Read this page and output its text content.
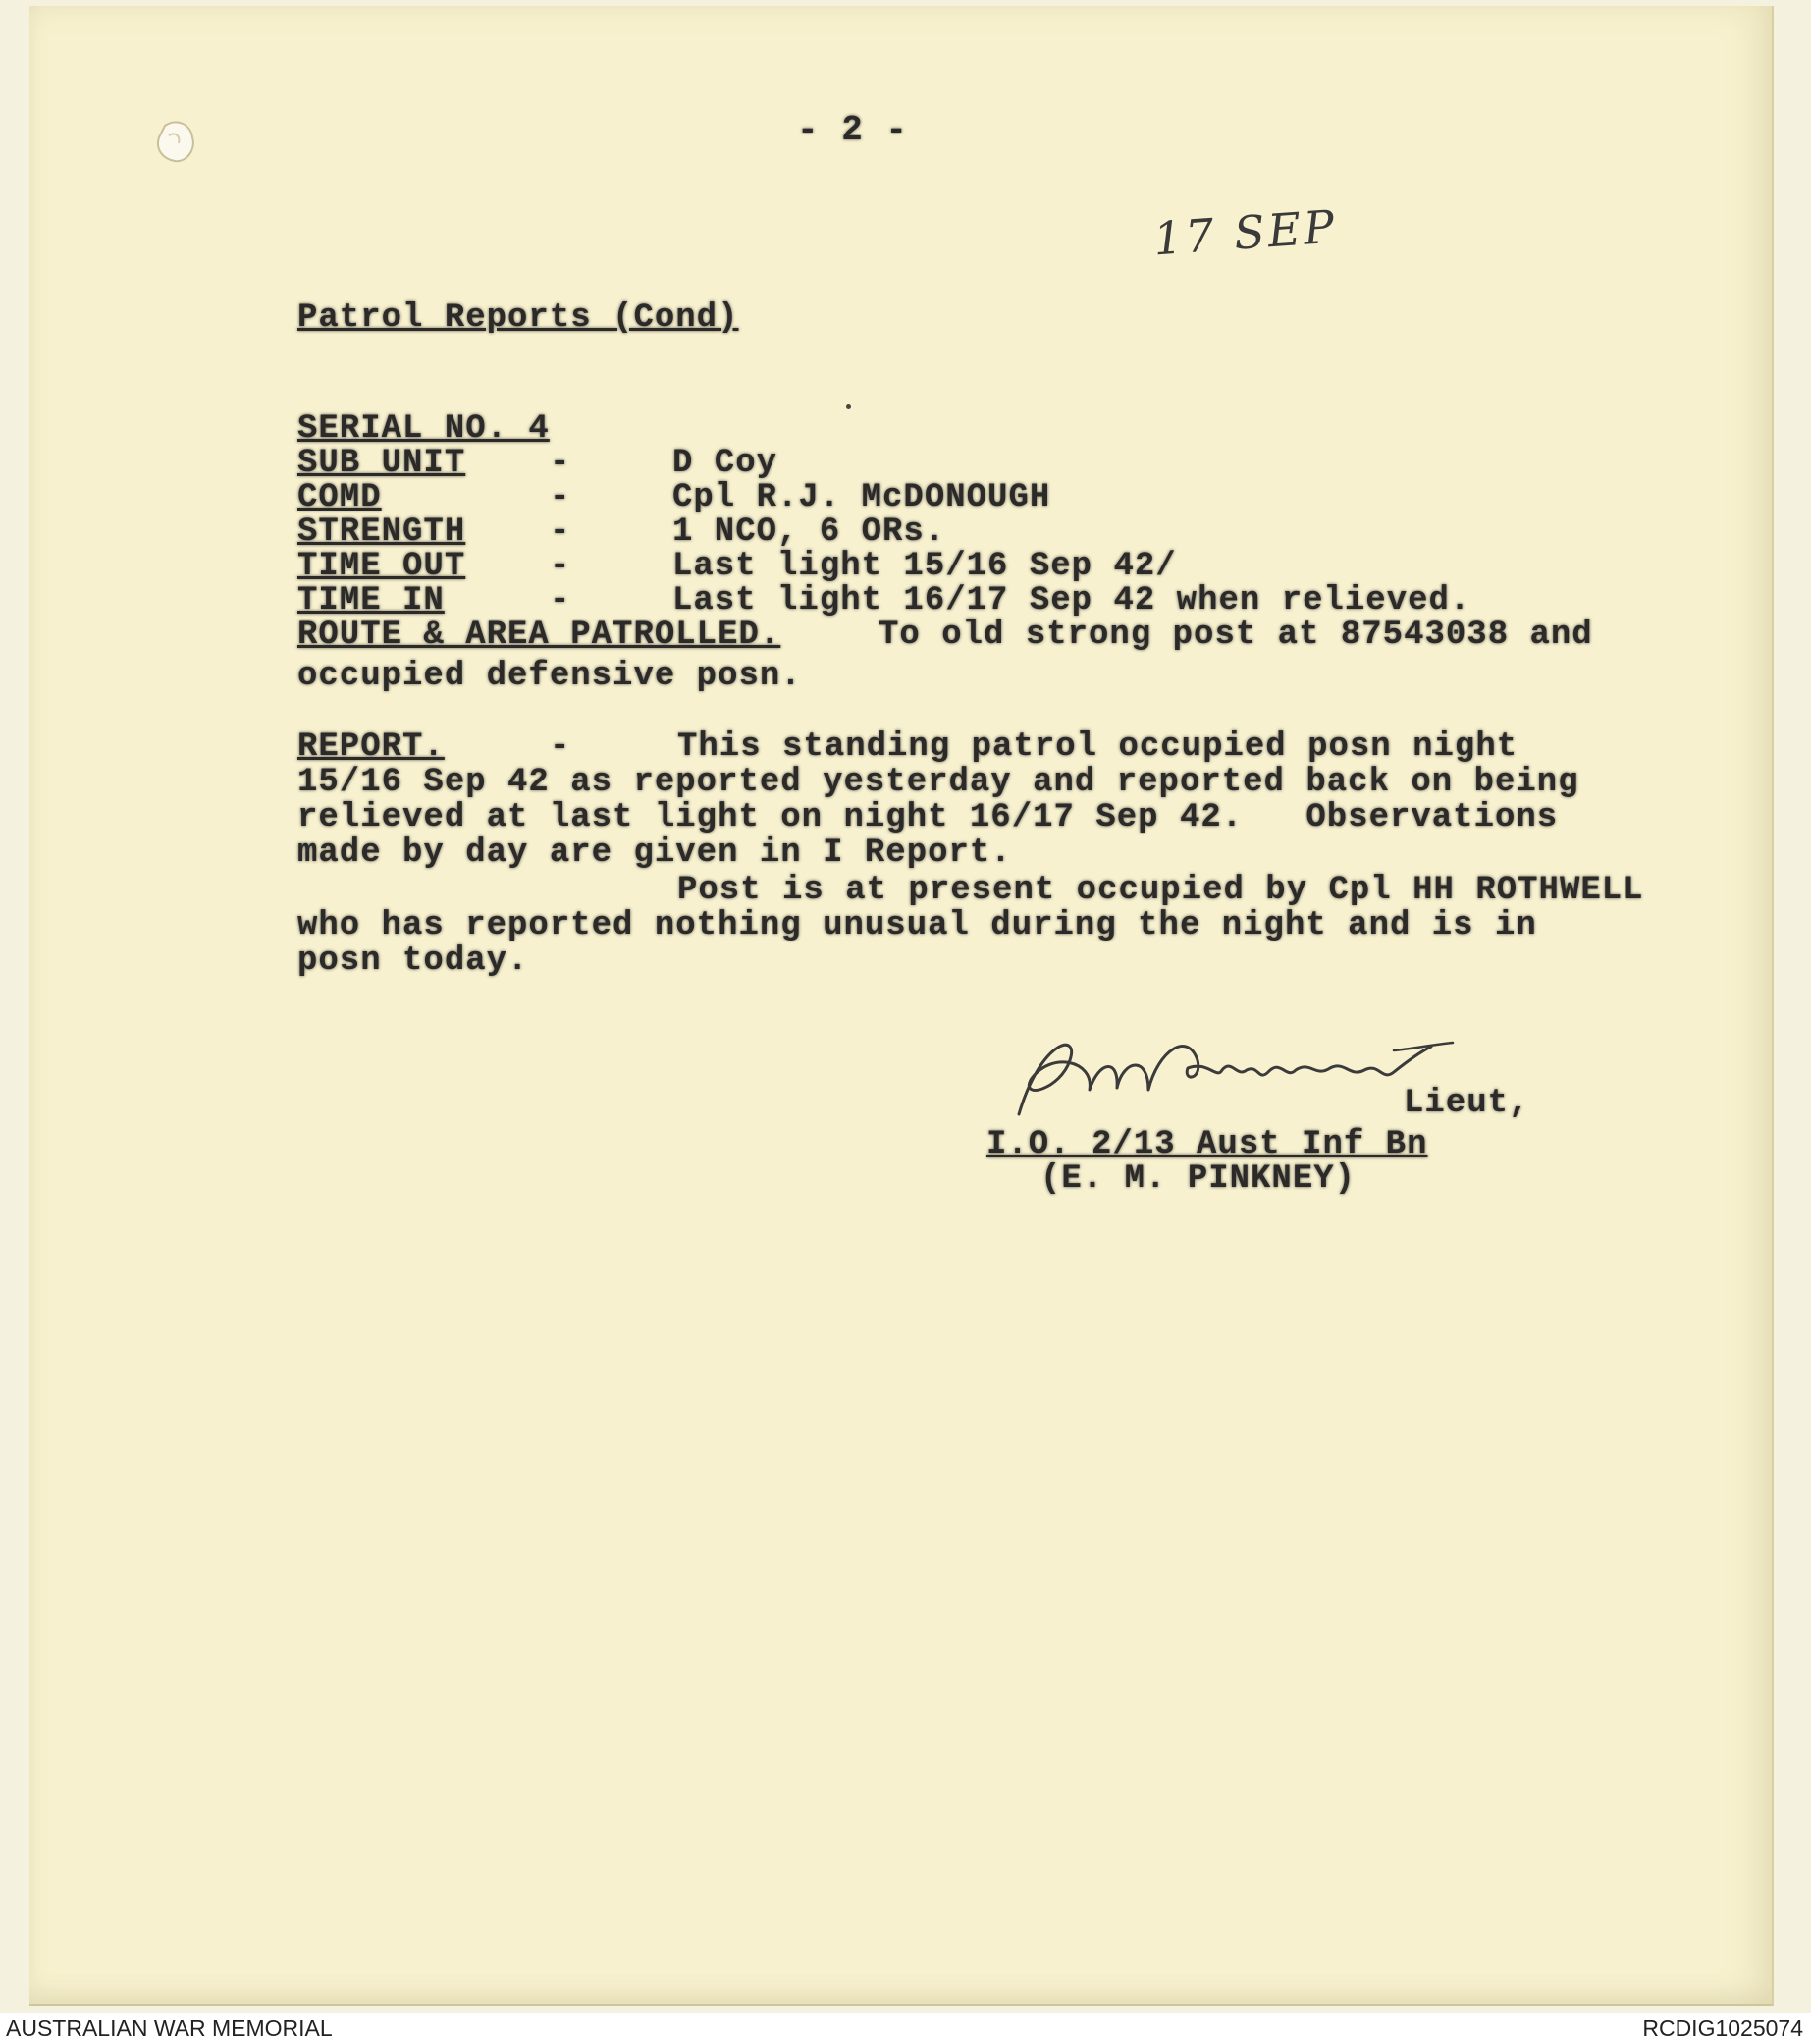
- 2 -

17 SEP

Patrol Reports (Cond)

SERIAL NO. 4

SUB UNIT	-	D Coy

COMD	-	Cpl R.J. McDONOUGH

STRENGTH	-	1 NCO, 6 ORs.

TIME OUT	-	Last light 15/16 Sep 42/

TIME IN	-	Last light 16/17 Sep 42 when relieved.

ROUTE & AREA PATROLLED.	To old strong post at 87543038 and

occupied defensive posn.

REPORT.	-	This standing patrol occupied posn night

15/16 Sep 42 as reported yesterday and reported back on being

relieved at last light on night 16/17 Sep 42.   Observations

made by day are given in I Report.

Post is at present occupied by Cpl HH ROTHWELL

who has reported nothing unusual during the night and is in

posn today.

Lieut,

I.O. 2/13 Aust Inf Bn

(E. M. PINKNEY)

AUSTRALIAN WAR MEMORIAL	RCDIG1025074
